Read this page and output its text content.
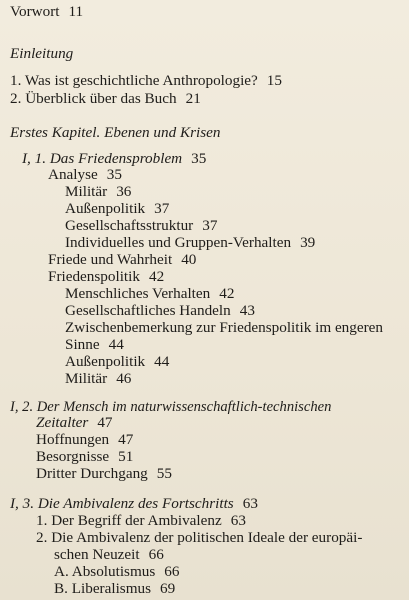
Vorwort 11
Einleitung
1. Was ist geschichtliche Anthropologie? 15
2. Überblick über das Buch 21
Erstes Kapitel. Ebenen und Krisen
I, 1. Das Friedensproblem 35
Analyse 35
Militär 36
Außenpolitik 37
Gesellschaftsstruktur 37
Individuelles und Gruppen-Verhalten 39
Friede und Wahrheit 40
Friedenspolitik 42
Menschliches Verhalten 42
Gesellschaftliches Handeln 43
Zwischenbemerkung zur Friedenspolitik im engeren
Sinne 44
Außenpolitik 44
Militär 46
I, 2. Der Mensch im naturwissenschaftlich-technischen
Zeitalter 47
Hoffnungen 47
Besorgnisse 51
Dritter Durchgang 55
I, 3. Die Ambivalenz des Fortschritts 63
1. Der Begriff der Ambivalenz 63
2. Die Ambivalenz der politischen Ideale der europäi-
schen Neuzeit 66
A. Absolutismus 66
B. Liberalismus 69
